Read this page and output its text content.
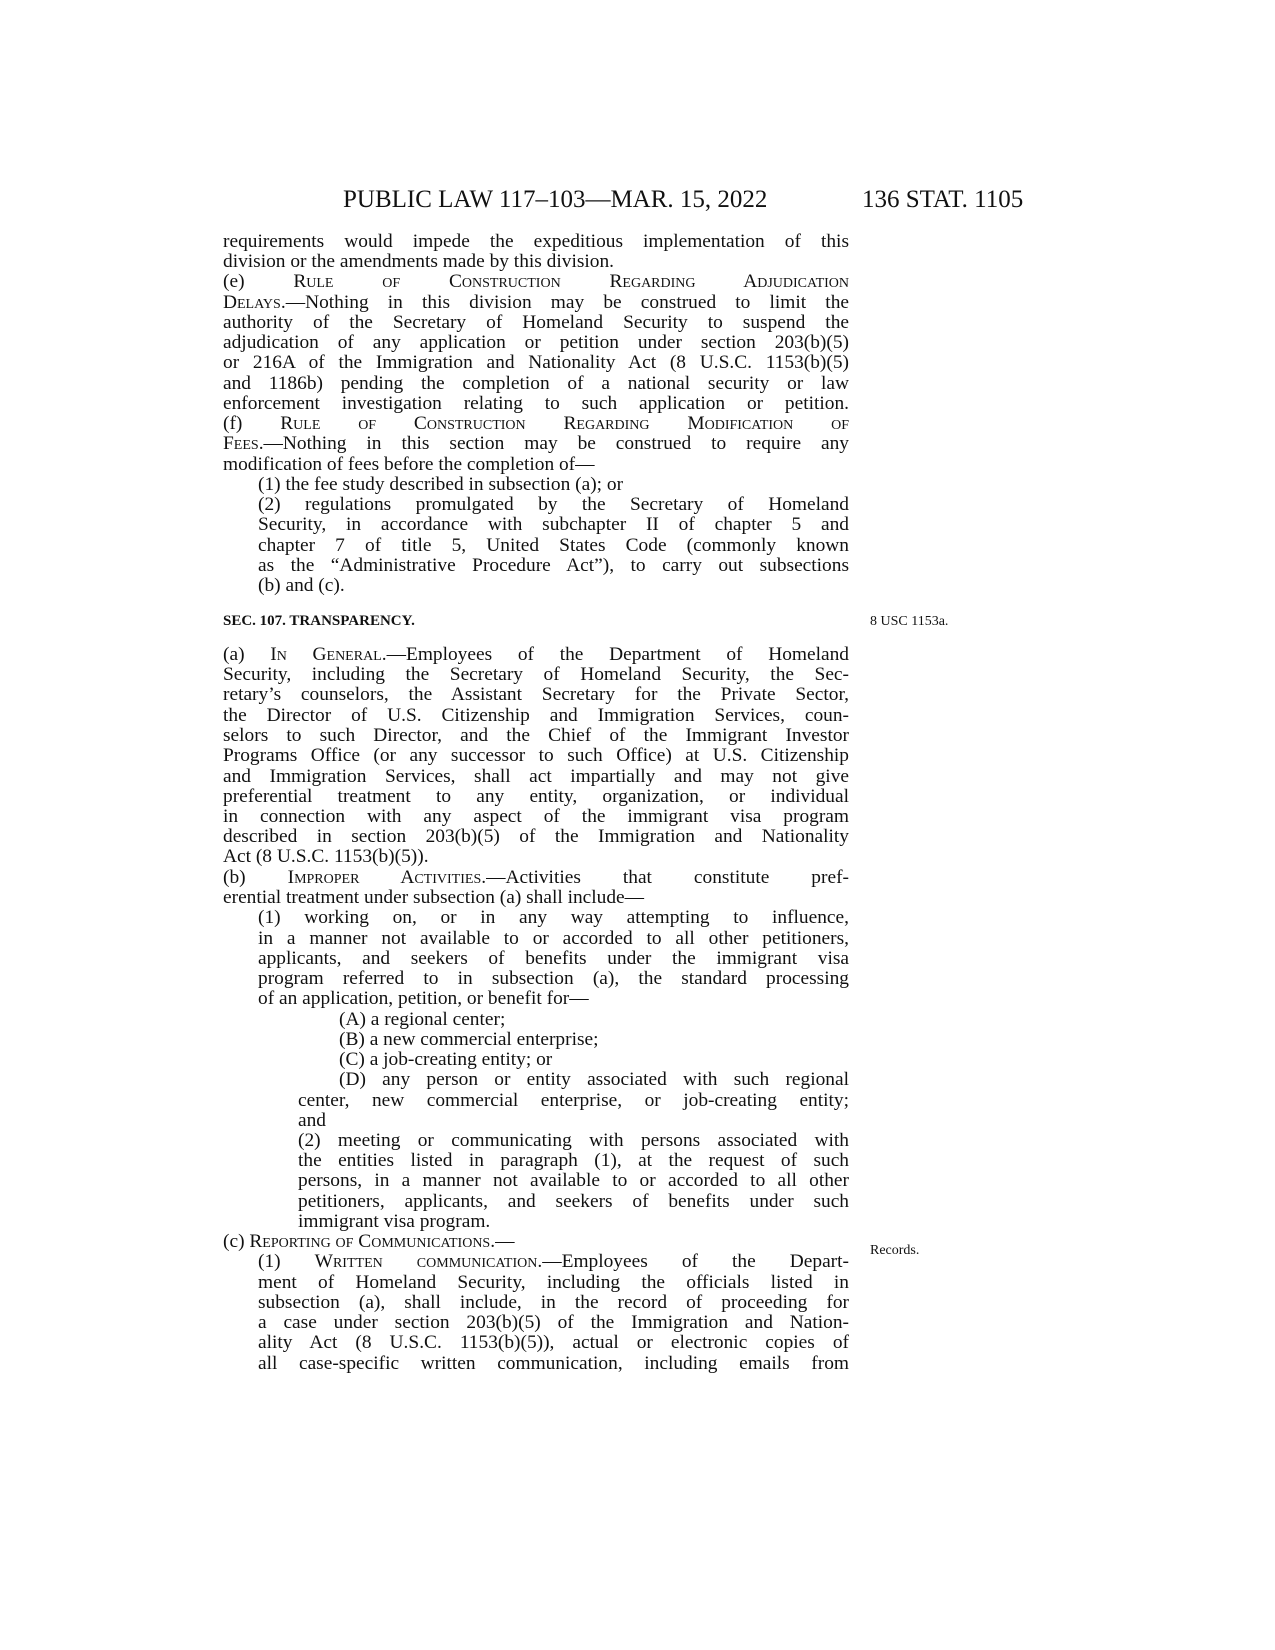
PUBLIC LAW 117–103—MAR. 15, 2022	136 STAT. 1105
requirements would impede the expeditious implementation of this
division or the amendments made by this division.
(e) Rule of Construction Regarding Adjudication
Delays.—Nothing in this division may be construed to limit the
authority of the Secretary of Homeland Security to suspend the
adjudication of any application or petition under section 203(b)(5)
or 216A of the Immigration and Nationality Act (8 U.S.C. 1153(b)(5)
and 1186b) pending the completion of a national security or law
enforcement investigation relating to such application or petition.
(f) Rule of Construction Regarding Modification of
Fees.—Nothing in this section may be construed to require any
modification of fees before the completion of—
(1) the fee study described in subsection (a); or
(2) regulations promulgated by the Secretary of Homeland
Security, in accordance with subchapter II of chapter 5 and
chapter 7 of title 5, United States Code (commonly known
as the “Administrative Procedure Act”), to carry out subsections
(b) and (c).
(a) In General.—Employees of the Department of Homeland
Security, including the Secretary of Homeland Security, the Sec-
retary’s counselors, the Assistant Secretary for the Private Sector,
the Director of U.S. Citizenship and Immigration Services, coun-
selors to such Director, and the Chief of the Immigrant Investor
Programs Office (or any successor to such Office) at U.S. Citizenship
and Immigration Services, shall act impartially and may not give
preferential treatment to any entity, organization, or individual
in connection with any aspect of the immigrant visa program
described in section 203(b)(5) of the Immigration and Nationality
Act (8 U.S.C. 1153(b)(5)).
(b) Improper Activities.—Activities that constitute pref-
erential treatment under subsection (a) shall include—
(1) working on, or in any way attempting to influence,
in a manner not available to or accorded to all other petitioners,
applicants, and seekers of benefits under the immigrant visa
program referred to in subsection (a), the standard processing
of an application, petition, or benefit for—
(A) a regional center;
(B) a new commercial enterprise;
(C) a job-creating entity; or
(D) any person or entity associated with such regional
center, new commercial enterprise, or job-creating entity;
and
(2) meeting or communicating with persons associated with
the entities listed in paragraph (1), at the request of such
persons, in a manner not available to or accorded to all other
petitioners, applicants, and seekers of benefits under such
immigrant visa program.
(c) Reporting of Communications.—
(1) Written communication.—Employees of the Depart-
ment of Homeland Security, including the officials listed in
subsection (a), shall include, in the record of proceeding for
a case under section 203(b)(5) of the Immigration and Nation-
ality Act (8 U.S.C. 1153(b)(5)), actual or electronic copies of
all case-specific written communication, including emails from
SEC. 107. TRANSPARENCY.	8 USC 1153a.
Records.
